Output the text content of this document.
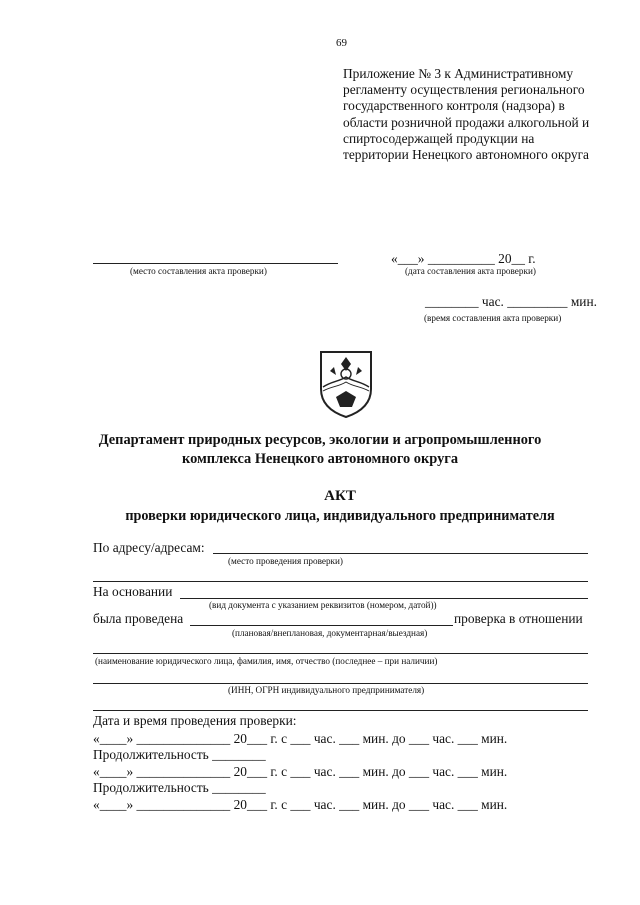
69
Приложение № 3 к Административному регламенту осуществления регионального государственного контроля (надзора) в области розничной продажи алкогольной и спиртосодержащей продукции на территории Ненецкого автономного округа
(место составления акта проверки)
«___» __________ 20__ г.
(дата составления акта проверки)
________ час. _________ мин.
(время составления акта проверки)
Департамент природных ресурсов, экологии и агропромышленного
комплекса Ненецкого автономного округа
АКТ
проверки юридического лица, индивидуального предпринимателя
По адресу/адресам:
(место проведения проверки)
На основании
(вид документа с указанием реквизитов (номером, датой))
была проведена	проверка в отношении
(плановая/внеплановая, документарная/выездная)
(наименование юридического лица, фамилия, имя, отчество (последнее – при наличии)
(ИНН, ОГРН индивидуального предпринимателя)
Дата и время проведения проверки:
«____» ______________ 20___ г. с ___ час. ___ мин. до ___ час. ___ мин.
Продолжительность ________
«____» ______________ 20___ г. с ___ час. ___ мин. до ___ час. ___ мин.
Продолжительность ________
«____» ______________ 20___ г. с ___ час. ___ мин. до ___ час. ___ мин.
